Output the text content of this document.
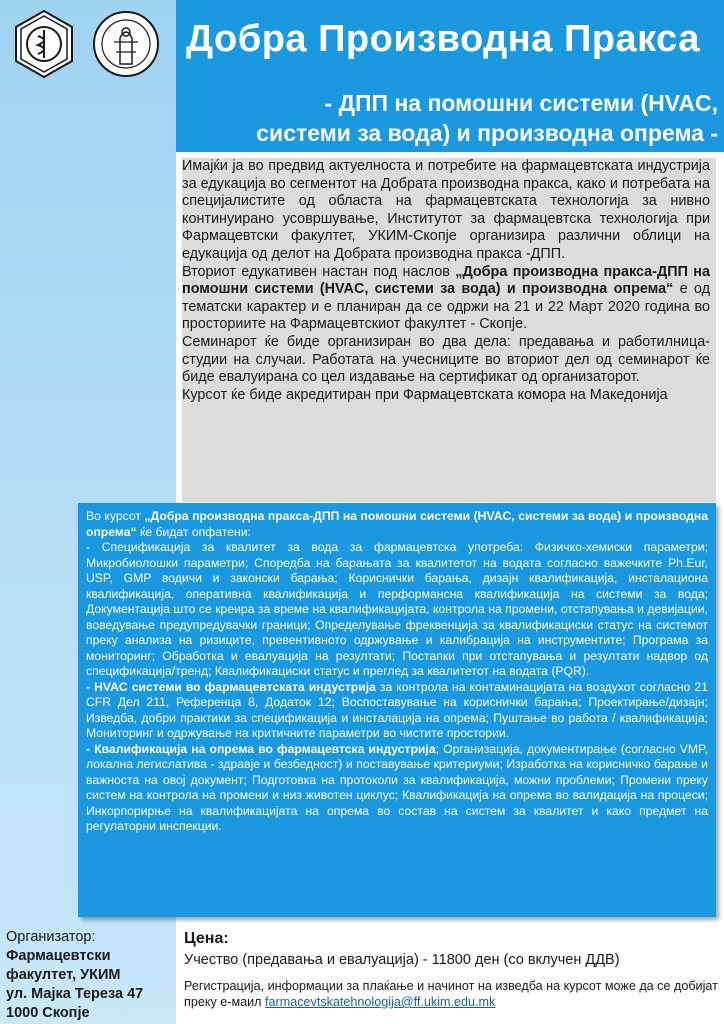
Добра Производна Пракса
- ДПП на помошни системи (HVAC,
системи за вода) и производна опрема -

Имајќи ја во предвид актуелноста и потребите на фармацевтската индустрија за едукација во сегментот на Добрата производна пракса, како и потребата на специјалистите од областа на фармацевтската технологија за нивно континуирано усовршување, Институтот за фармацевтска технологија при Фармацевтски факултет, УКИМ-Скопје организира различни облици на едукација од делот на Добрата производна пракса -ДПП.

Вториот едукативен настан под наслов „Добра производна пракса-ДПП на помошни системи (HVAC, системи за вода) и производна опрема“ е од тематски карактер и е планиран да се одржи на 21 и 22 Март 2020 година во просториите на Фармацевтскиот факултет - Скопје.

Семинарот ќе биде организиран во два дела: предавања и работилница-студии на случаи. Работата на учесниците во вториот дел од семинарот ќе биде евалуирана со цел издавање на сертификат од организаторот.

Курсот ќе биде акредитиран при Фармацевтската комора на Македонија

Во курсот „Добра производна пракса-ДПП на помошни системи (HVAC, системи за вода) и производна опрема“ ќе бидат опфатени:

- Спецификација за квалитет за вода за фармацевтска употреба: Физичко-хемиски параметри; Микробиолошки параметри; Споредба на барањата за квалитетот на водата согласно важечките Ph.Eur, USP, GMP водичи и законски барања; Кориснички барања, дизајн квалификација, инсталациона квалификација, оперативна квалификација и перформансна квалификација на системи за вода; Документација што се креира за време на квалификацијата, контрола на промени, отстапувања и девијации, воведување предупредувачки граници; Определување фреквенција за квалификациски статус на системот преку анализа на ризиците, превентивното одржување и калибрација на инструментите; Програма за мониторинг; Обработка и евалуација на резултати; Постапки при отстапувања и резултати надвор од спецификација/тренд; Квалификациски статус и преглед за квалитетот на водата (PQR).

- HVAC системи во фармацевтската индустрија за контрола на контаминацијата на воздухот согласно 21 CFR Дел 211, Референца 8, Додаток 12; Воспоставување на кориснички барања; Проектирање/дизајн; Изведба, добри практики за спецификација и инсталација на опрема; Пуштање во работа / квалификација; Мониторинг и одржување на критичните параметри во чистите простории.

- Квалификација на опрема во фармацевтска индустрија; Организација, документирање (согласно VMP, локална легислатива - здравје и безбедност) и поставување критериуми; Изработка на корисничко барање и важноста на овој документ; Подготовка на протоколи за квалификација, можни проблеми; Промени преку систем на контрола на промени и низ животен циклус; Квалификација на опрема во валидација на процеси; Инкорпорирње на квалификацијата на опрема во состав на систем за квалитет и како предмет на регулаторни инспекции.

Организатор:
Фармацевтски
факултет, УКИМ
ул. Мајка Тереза 47
1000 Скопје
Цена:
Учество (предавања и евалуација) - 11800 ден (со вклучен ДДВ)
Регистрација, информации за плаќање и начинот на изведба на курсот може да се добијат преку е-маил farmacevtskatehnologija@ff.ukim.edu.mk
